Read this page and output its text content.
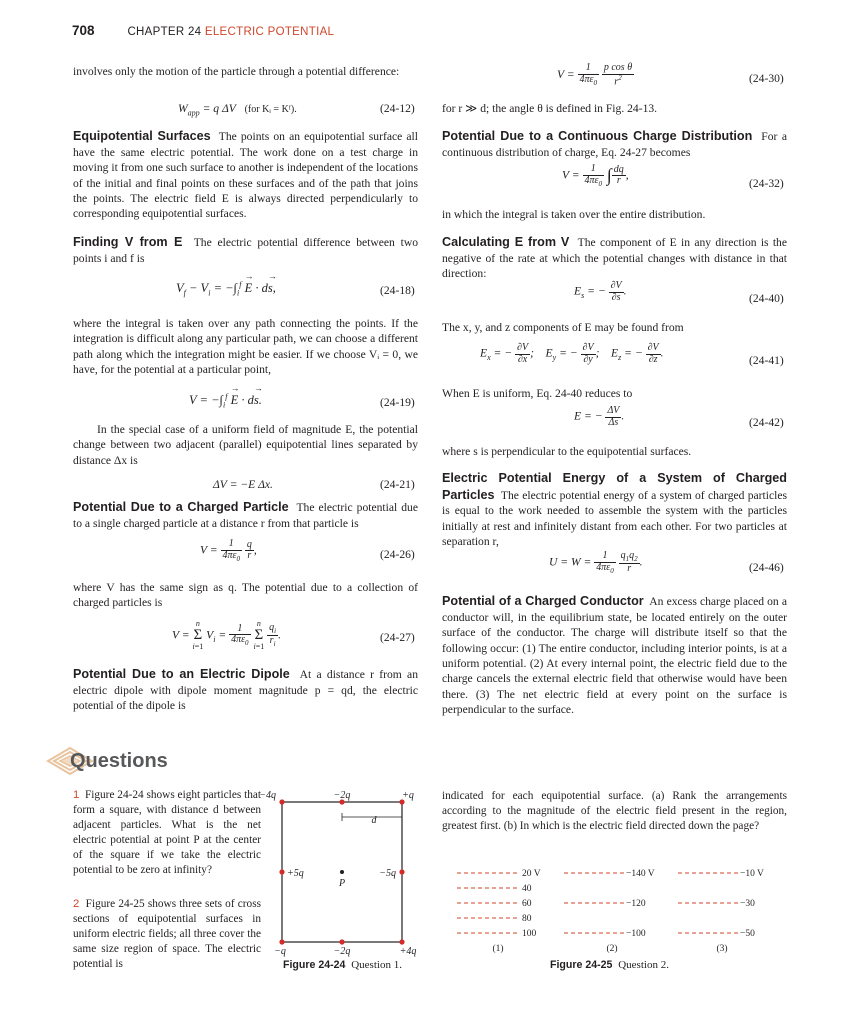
708	CHAPTER 24 ELECTRIC POTENTIAL

involves only the motion of the particle through a potential difference:

$W_{app} = q$ ΔV (for Kᵢ = Kᶠ).	(24-12)

Equipotential Surfaces The points on an equipotential surface all have the same electric potential. The work done on a test charge in moving it from one such surface to another is independent of the locations of the initial and final points on these surfaces and of the path that joins the points. The electric field E is always directed perpendicularly to corresponding equipotential surfaces.

Finding V from E The electric potential difference between two points i and f is

$V_f - V_i = -\int_i^f \to E \cdot d\to s$,	(24-18)

where the integral is taken over any path connecting the points. If the integration is difficult along any particular path, we can choose a different path along which the integration might be easier. If we choose Vᵢ = 0, we have, for the potential at a particular point,

$V = -\int_i^f \to E \cdot d\to s$.	(24-19)

In the special case of a uniform field of magnitude E, the potential change between two adjacent (parallel) equipotential lines separated by distance Δx is

ΔV = −E Δx.	(24-21)

Potential Due to a Charged Particle The electric potential due to a single charged particle at a distance r from that particle is

$V = \frac{1}{4\pi\varepsilon_0}$
$\frac{q}{r}$ ,	(24-26)

where V has the same sign as q. The potential due to a collection of charged particles is

V =
n
Σ
i=1
$V_i = \frac{1}{4\pi\varepsilon_0}$

n
Σ
i=1
$\frac{q_i}{r_i}$ .	(24-27)

Potential Due to an Electric Dipole At a distance r from an electric dipole with dipole moment magnitude p = qd, the electric potential of the dipole is

$V = \frac{1}{4\pi\varepsilon_0}$
$\frac{\text{p cos θ}}{r^2}$	(24-30)

for r ≫ d; the angle θ is defined in Fig. 24-13.

Potential Due to a Continuous Charge Distribution For a continuous distribution of charge, Eq. 24-27 becomes

$V = \frac{1}{4\pi\varepsilon_0}$ ∫ $\frac{dq}{r}$ ,
(24-32)

in which the integral is taken over the entire distribution.

Calculating E from V The component of E in any direction is the negative of the rate at which the potential changes with distance in that direction:

$E_s$ = − $\frac{\partial V}{\partial s}$ .
(24-40)

The x, y, and z components of E may be found from

$E_x$ = − $\frac{\partial V}{\partial x}$ ;    $E_y$ = − $\frac{\partial V}{\partial y}$ ;    $E_z$ = − $\frac{\partial V}{\partial z}$ .
(24-41)

When E is uniform, Eq. 24-40 reduces to

E = − $\frac{\Delta V}{\Delta s}$ .	(24-42)

where s is perpendicular to the equipotential surfaces.

Electric Potential Energy of a System of Charged Particles The electric potential energy of a system of charged particles is equal to the work needed to assemble the system with the particles initially at rest and infinitely distant from each other. For two particles at separation r,

$U = W = \frac{1}{4\pi\varepsilon_0}$
$\frac{q_1q_2}{r}$ .	(24-46)

Potential of a Charged Conductor An excess charge placed on a conductor will, in the equilibrium state, be located entirely on the outer surface of the conductor. The charge will distribute itself so that the following occur: (1) The entire conductor, including interior points, is at a uniform potential. (2) At every internal point, the electric field due to the charge cancels the external electric field that otherwise would have been there. (3) The net electric field at every point on the surface is perpendicular to the surface.

Questions

1 Figure 24-24 shows eight particles that form a square, with distance d between adjacent particles. What is the net electric potential at point P at the center of the square if we take the electric potential to be zero at infinity?

2 Figure 24-25 shows three sets of cross sections of equipotential surfaces in uniform electric fields; all three cover the same size region of space. The electric potential is

indicated for each equipotential surface. (a) Rank the arrangements according to the magnitude of the electric field present in the region, greatest first. (b) In which is the electric field directed down the page?

−4q	−2q	+q
+5q	−5q
−q	−2q	+4q
P
d
Figure 24-24 Question 1.
20 V
40
60
80
100
−140 V
−120
−100
−10 V
−30
−50
(1)	(2)	(3)
Figure 24-25 Question 2.
